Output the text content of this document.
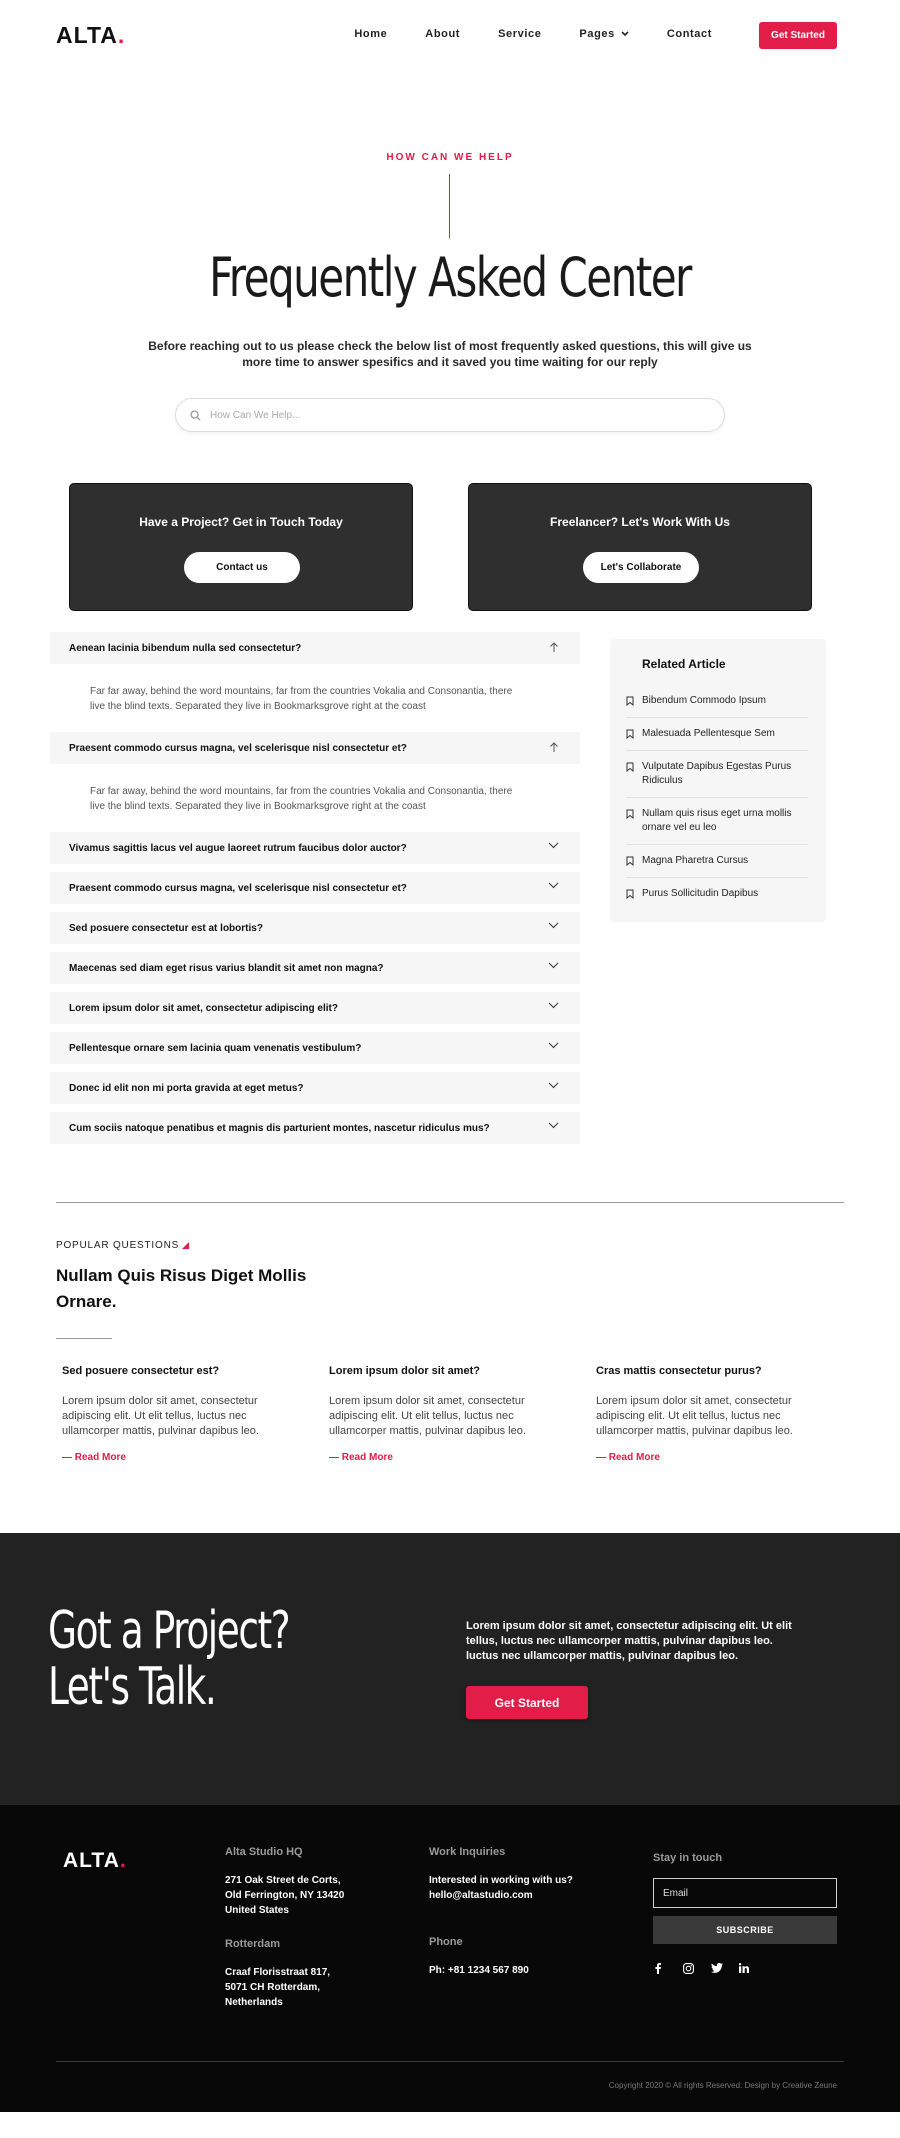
ALTA.	Home	About	Service	Pages	Contact	Get Started
HOW CAN WE HELP
Frequently Asked Center

Before reaching out to us please check the below list of most frequently asked questions, this will give us more time to answer spesifics and it saved you time waiting for our reply

How Can We Help...
Have a Project? Get in Touch Today
Contact us
Freelancer? Let's Work With Us
Let's Collaborate
Aenean lacinia bibendum nulla sed consectetur?

Far far away, behind the word mountains, far from the countries Vokalia and Consonantia, there live the blind texts. Separated they live in Bookmarksgrove right at the coast

Praesent commodo cursus magna, vel scelerisque nisl consectetur et?

Far far away, behind the word mountains, far from the countries Vokalia and Consonantia, there live the blind texts. Separated they live in Bookmarksgrove right at the coast

Vivamus sagittis lacus vel augue laoreet rutrum faucibus dolor auctor?
Praesent commodo cursus magna, vel scelerisque nisl consectetur et?
Sed posuere consectetur est at lobortis?
Maecenas sed diam eget risus varius blandit sit amet non magna?
Lorem ipsum dolor sit amet, consectetur adipiscing elit?
Pellentesque ornare sem lacinia quam venenatis vestibulum?
Donec id elit non mi porta gravida at eget metus?
Cum sociis natoque penatibus et magnis dis parturient montes, nascetur ridiculus mus?
Related Article
Bibendum Commodo Ipsum
Malesuada Pellentesque Sem
Vulputate Dapibus Egestas Purus Ridiculus
Nullam quis risus eget urna mollis ornare vel eu leo
Magna Pharetra Cursus
Purus Sollicitudin Dapibus
POPULAR QUESTIONS
Nullam Quis Risus Diget Mollis Ornare.
Sed posuere consectetur est?

Lorem ipsum dolor sit amet, consectetur adipiscing elit. Ut elit tellus, luctus nec ullamcorper mattis, pulvinar dapibus leo.

— Read More
Lorem ipsum dolor sit amet?

Lorem ipsum dolor sit amet, consectetur adipiscing elit. Ut elit tellus, luctus nec ullamcorper mattis, pulvinar dapibus leo.

— Read More
Cras mattis consectetur purus?

Lorem ipsum dolor sit amet, consectetur adipiscing elit. Ut elit tellus, luctus nec ullamcorper mattis, pulvinar dapibus leo.

— Read More
Got a Project?
Let's Talk.

Lorem ipsum dolor sit amet, consectetur adipiscing elit. Ut elit tellus, luctus nec ullamcorper mattis, pulvinar dapibus leo. luctus nec ullamcorper mattis, pulvinar dapibus leo.

Get Started
ALTA.	Alta Studio HQ
271 Oak Street de Corts,
Old Ferrington, NY 13420
United States
Rotterdam
Craaf Florisstraat 817,
5071 CH Rotterdam,
Netherlands
Work Inquiries
Interested in working with us?
hello@altastudio.com
Phone
Ph: +81 1234 567 890
Stay in touch
Email
SUBSCRIBE
Copyright 2020 © All rights Reserved. Design by Creative Zeune
